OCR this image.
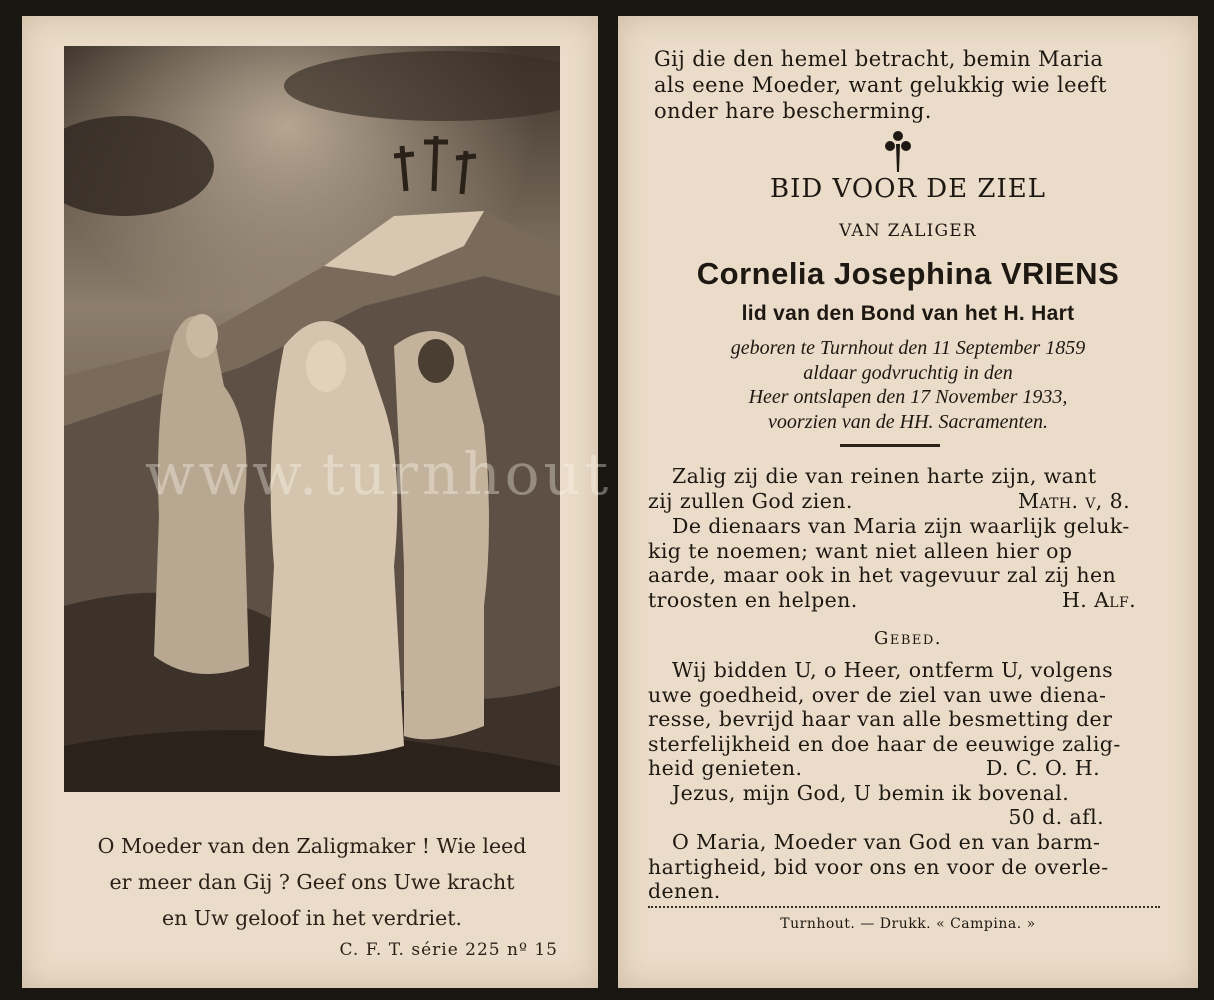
O Moeder van den Zaligmaker ! Wie leed
er meer dan Gij ? Geef ons Uwe kracht
en Uw geloof in het verdriet.
C. F. T. série 225 nº 15
Gij die den hemel betracht, bemin Maria
als eene Moeder, want gelukkig wie leeft
onder hare bescherming.
BID VOOR DE ZIEL
VAN ZALIGER
Cornelia Josephina VRIENS
lid van den Bond van het H. Hart
geboren te Turnhout den 11 September 1859
aldaar godvruchtig in den
Heer ontslapen den 17 November 1933,
voorzien van de HH. Sacramenten.
Zalig zij die van reinen harte zijn, want
zij zullen God zien.	Math. v, 8.
De dienaars van Maria zijn waarlijk geluk-
kig te noemen; want niet alleen hier op
aarde, maar ook in het vagevuur zal zij hen
troosten en helpen.	H. Alf.
Gebed.
Wij bidden U, o Heer, ontferm U, volgens
uwe goedheid, over de ziel van uwe diena-
resse, bevrijd haar van alle besmetting der
sterfelijkheid en doe haar de eeuwige zalig-
heid genieten.	D. C. O. H.
Jezus, mijn God, U bemin ik bovenal.
50 d. afl.
O Maria, Moeder van God en van barm-
hartigheid, bid voor ons en voor de overle-
denen.
Turnhout. — Drukk. « Campina. »
www.turnhout
